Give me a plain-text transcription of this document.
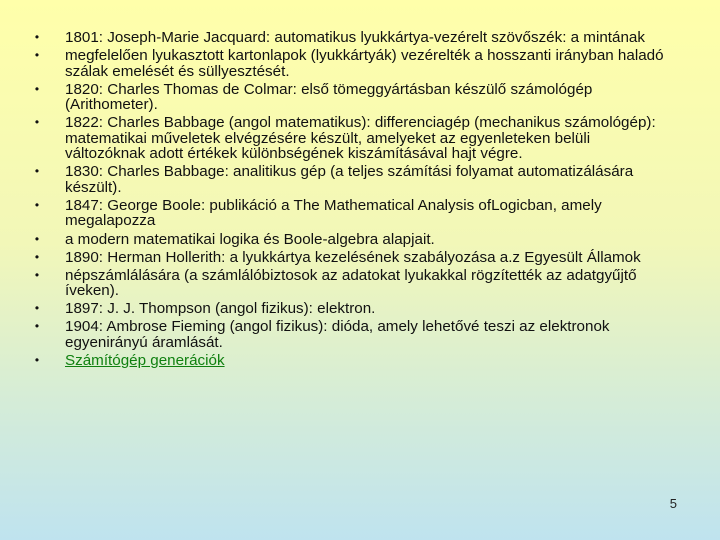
•	1801: Joseph-Marie Jacquard: automatikus lyukkártya-vezérelt szövőszék: a mintának
•	megfelelően lyukasztott kartonlapok (lyukkártyák) vezérelték a hosszanti irányban haladó szálak emelését és süllyesztését.
•	1820: Charles Thomas de Colmar: első tömeggyártásban készülő számológép (Arithometer).
•	1822: Charles Babbage (angol matematikus): differenciagép (mechanikus számológép): matematikai műveletek elvégzésére készült, amelyeket az egyenleteken belüli változóknak adott értékek különbségének kiszámításával hajt végre.
•	1830: Charles Babbage: analitikus gép (a teljes számítási folyamat automatizálására készült).
•	1847: George Boole: publikáció a The Mathematical Analysis ofLogicban, amely megalapozza
•	a modern matematikai logika és Boole-algebra alapjait.
•	1890: Herman Hollerith: a lyukkártya kezelésének szabályozása a.z Egyesült Államok
•	népszámlálására (a számlálóbiztosok az adatokat lyukakkal rögzítették az adatgyűjtő íveken).
•	1897: J. J. Thompson (angol fizikus): elektron.
•	1904: Ambrose Fieming (angol fizikus): dióda, amely lehetővé teszi az elektronok egyenirányú áramlását.
•	Számítógép generációk
5
